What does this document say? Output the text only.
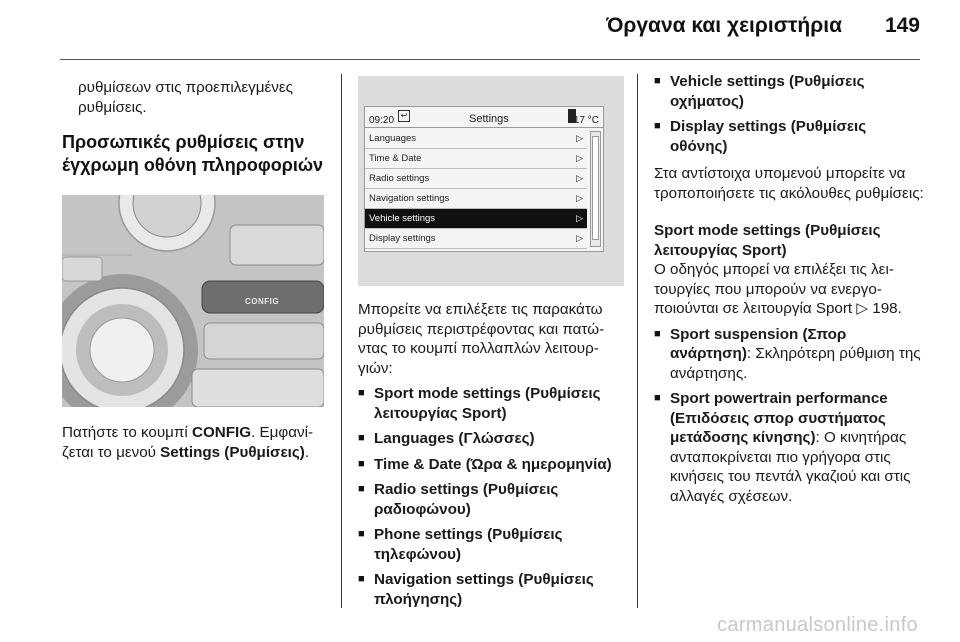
Όργανα και χειριστήρια 149

ρυθμίσεων στις προεπιλεγμένες ρυθμίσεις.

Προσωπικές ρυθμίσεις στην έγχρωμη οθόνη πληροφοριών

CONFIG

Πατήστε το κουμπί CONFIG. Εμφανίζεται το μενού Settings (Ρυθμίσεις).

09:20 ↩	Settings	17 °C
Languages	▷
Time & Date	▷
Radio settings	▷
Navigation settings	▷
Vehicle settings	▷
Display settings	▷

Μπορείτε να επιλέξετε τις παρακάτω ρυθμίσεις περιστρέφοντας και πατώντας το κουμπί πολλαπλών λειτουργιών:

■ Sport mode settings (Ρυθμίσεις λειτουργίας Sport)
■ Languages (Γλώσσες)
■ Time & Date (Ώρα & ημερομηνία)
■ Radio settings (Ρυθμίσεις ραδιοφώνου)
■ Phone settings (Ρυθμίσεις τηλεφώνου)
■ Navigation settings (Ρυθμίσεις πλοήγησης)
■ Vehicle settings (Ρυθμίσεις οχήματος)
■ Display settings (Ρυθμίσεις οθόνης)

Στα αντίστοιχα υπομενού μπορείτε να τροποποιήσετε τις ακόλουθες ρυθμίσεις:

Sport mode settings (Ρυθμίσεις λειτουργίας Sport)

Ο οδηγός μπορεί να επιλέξει τις λειτουργίες που μπορούν να ενεργοποιούνται σε λειτουργία Sport ▷ 198.

■ Sport suspension (Σπορ ανάρτηση): Σκληρότερη ρύθμιση της ανάρτησης.
■ Sport powertrain performance (Επιδόσεις σπορ συστήματος μετάδοσης κίνησης): Ο κινητήρας ανταποκρίνεται πιο γρήγορα στις κινήσεις του πεντάλ γκαζιού και στις αλλαγές σχέσεων.
carmanualsonline.info
